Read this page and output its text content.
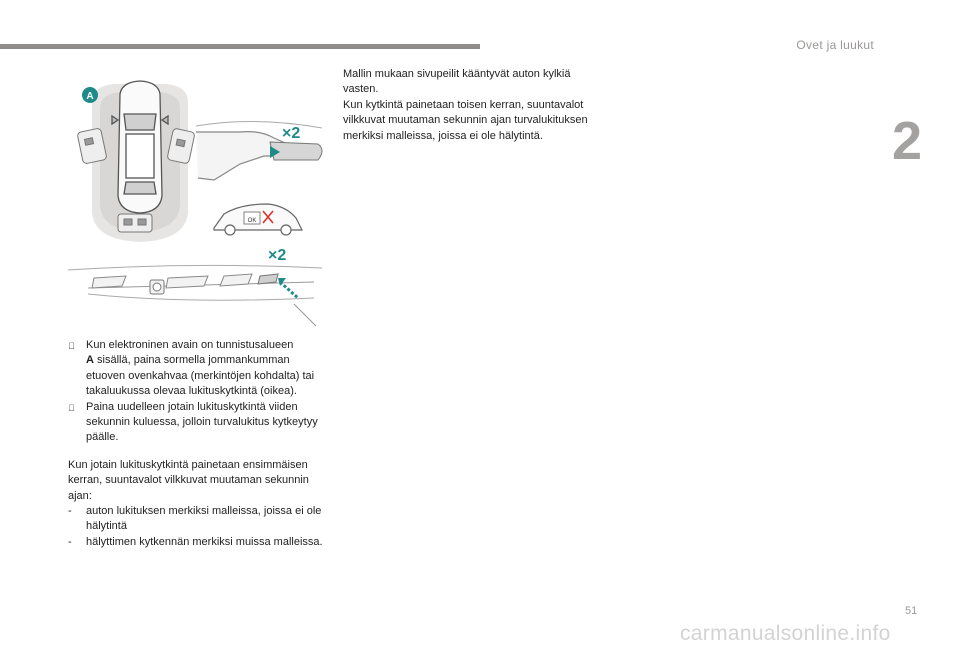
Ovet ja luukut
2
A
×2
OK
×2
Kun elektroninen avain on tunnistusalueen
A sisällä, paina sormella jommankumman etuoven ovenkahvaa (merkintöjen kohdalta) tai takaluukussa olevaa lukituskytkintä (oikea).
Paina uudelleen jotain lukituskytkintä viiden sekunnin kuluessa, jolloin turvalukitus kytkeytyy päälle.

Kun jotain lukituskytkintä painetaan ensimmäisen kerran, suuntavalot vilkkuvat muutaman sekunnin ajan:

-	auton lukituksen merkiksi malleissa, joissa ei ole hälytintä
-	hälyttimen kytkennän merkiksi muissa malleissa.

Mallin mukaan sivupeilit kääntyvät auton kylkiä vasten.

Kun kytkintä painetaan toisen kerran, suuntavalot vilkkuvat muutaman sekunnin ajan turvalukituksen merkiksi malleissa, joissa ei ole hälytintä.

51
carmanualsonline.info
